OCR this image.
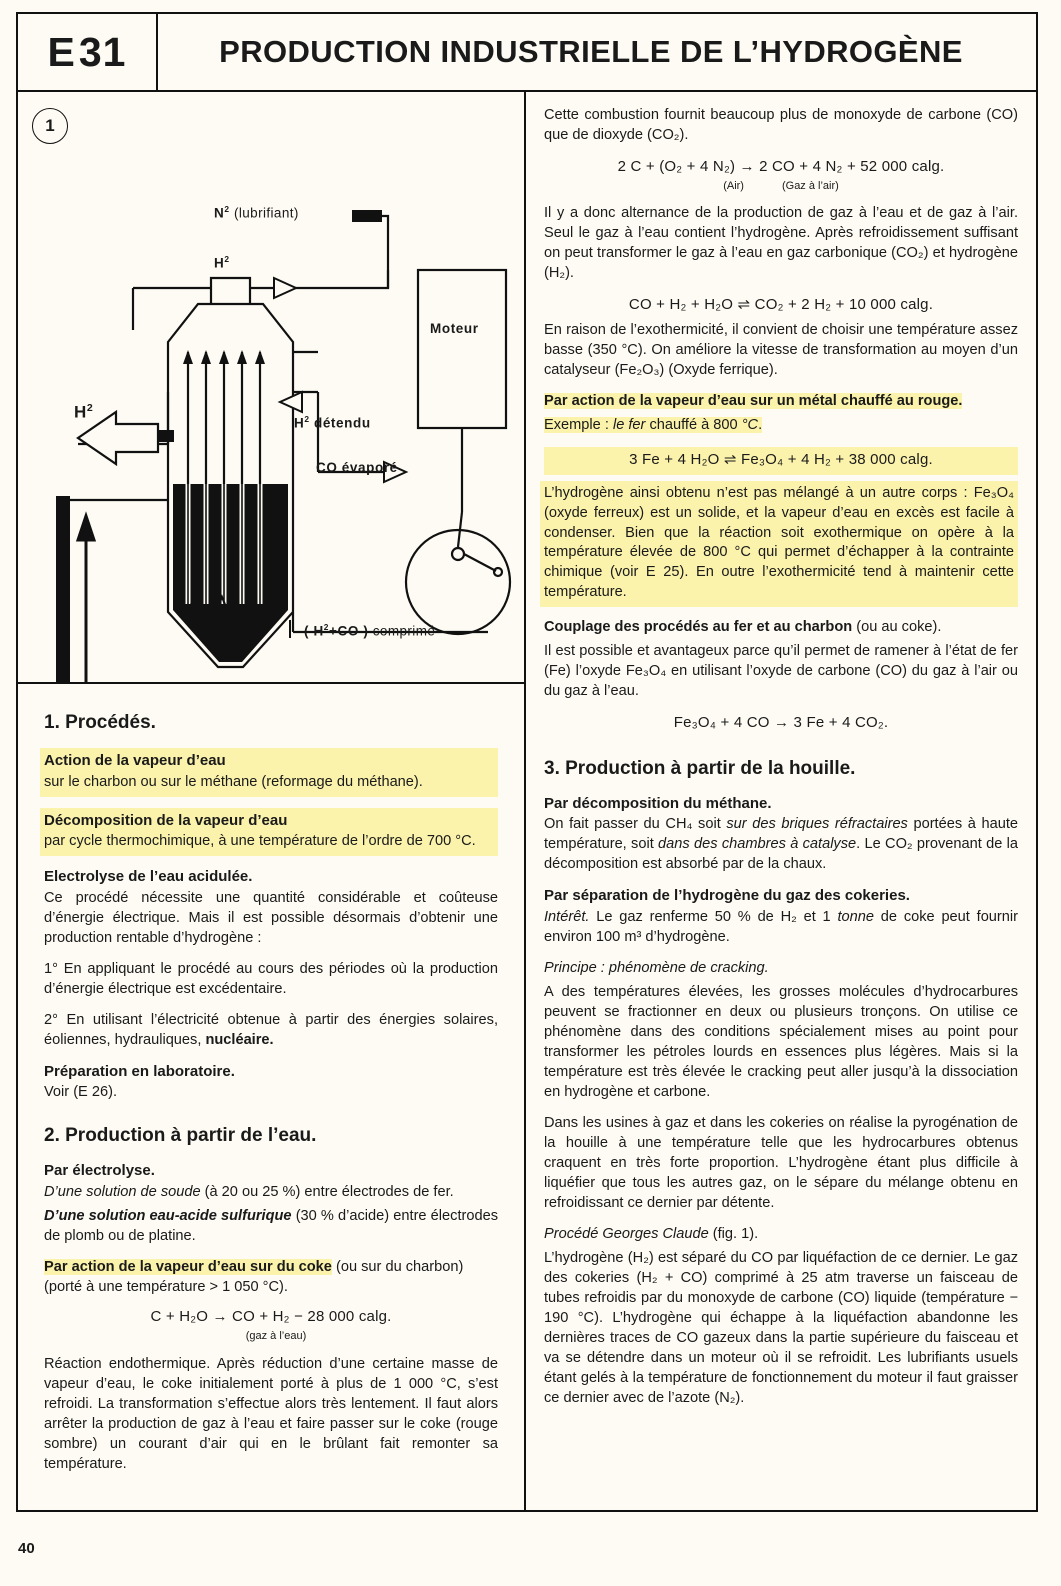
E 31	PRODUCTION INDUSTRIELLE DE L’HYDROGÈNE
1
$N^2$ (lubrifiant)
$H^2$
Moteur
$H^2$
$H^2$ détendu
CO évaporé
( $H^2+CO$ ) comprimé
1. Procédés.
Action de la vapeur d’eau
sur le charbon ou sur le méthane (reformage du méthane).
Décomposition de la vapeur d’eau
par cycle thermochimique, à une température de l’ordre de 700 °C.
Electrolyse de l’eau acidulée.

Ce procédé nécessite une quantité considérable et coûteuse d’énergie électrique. Mais il est possible désormais d’obtenir une production rentable d’hydrogène :

1° En appliquant le procédé au cours des périodes où la production d’énergie électrique est excédentaire.

2° En utilisant l’électricité obtenue à partir des énergies solaires, éoliennes, hydrauliques, nucléaire.

Préparation en laboratoire.

Voir (E 26).

2. Production à partir de l’eau.
Par électrolyse.

D’une solution de soude (à 20 ou 25 %) entre électrodes de fer.

D’une solution eau-acide sulfurique (30 % d’acide) entre électrodes de plomb ou de platine.

Par action de la vapeur d’eau sur du coke (ou sur du charbon)
(porté à une température > 1 050 °C).

C + H₂O → CO + H₂ − 28 000 calg.
(gaz à l’eau)

Réaction endothermique. Après réduction d’une certaine masse de vapeur d’eau, le coke initialement porté à plus de 1 000 °C, s’est refroidi. La transformation s’effectue alors très lentement. Il faut alors arrêter la production de gaz à l’eau et faire passer sur le coke (rouge sombre) un courant d’air qui en le brûlant fait remonter sa température.

Cette combustion fournit beaucoup plus de monoxyde de carbone (CO) que de dioxyde (CO₂).

2 C + (O₂ + 4 N₂) → 2 CO + 4 N₂ + 52 000 calg.
(Air)	(Gaz à l’air)

Il y a donc alternance de la production de gaz à l’eau et de gaz à l’air. Seul le gaz à l’eau contient l’hydrogène. Après refroidissement suffisant on peut transformer le gaz à l’eau en gaz carbonique (CO₂) et hydrogène (H₂).

CO + H₂ + H₂O ⇌ CO₂ + 2 H₂ + 10 000 calg.

En raison de l’exothermicité, il convient de choisir une température assez basse (350 °C). On améliore la vitesse de transformation au moyen d’un catalyseur (Fe₂O₃) (Oxyde ferrique).

Par action de la vapeur d’eau sur un métal chauffé au rouge.

Exemple : le fer chauffé à 800 °C.

3 Fe + 4 H₂O ⇌ Fe₃O₄ + 4 H₂ + 38 000 calg.
L’hydrogène ainsi obtenu n’est pas mélangé à un autre corps : Fe₃O₄ (oxyde ferreux) est un solide, et la vapeur d’eau en excès est facile à condenser. Bien que la réaction soit exothermique on opère à la température élevée de 800 °C qui permet d’échapper à la contrainte chimique (voir E 25). En outre l’exothermicité tend à maintenir cette température.

Couplage des procédés au fer et au charbon (ou au coke).

Il est possible et avantageux parce qu’il permet de ramener à l’état de fer (Fe) l’oxyde Fe₃O₄ en utilisant l’oxyde de carbone (CO) du gaz à l’air ou du gaz à l’eau.

Fe₃O₄ + 4 CO → 3 Fe + 4 CO₂.
3. Production à partir de la houille.
Par décomposition du méthane.

On fait passer du CH₄ soit sur des briques réfractaires portées à haute température, soit dans des chambres à catalyse. Le CO₂ provenant de la décomposition est absorbé par de la chaux.

Par séparation de l’hydrogène du gaz des cokeries.

Intérêt. Le gaz renferme 50 % de H₂ et 1 tonne de coke peut fournir environ 100 m³ d’hydrogène.

Principe : phénomène de cracking.

A des températures élevées, les grosses molécules d’hydrocarbures peuvent se fractionner en deux ou plusieurs tronçons. On utilise ce phénomène dans des conditions spécialement mises au point pour transformer les pétroles lourds en essences plus légères. Mais si la température est très élevée le cracking peut aller jusqu’à la dissociation en hydrogène et carbone.

Dans les usines à gaz et dans les cokeries on réalise la pyrogénation de la houille à une température telle que les hydrocarbures obtenus craquent en très forte proportion. L’hydrogène étant plus difficile à liquéfier que tous les autres gaz, on le sépare du mélange obtenu en refroidissant ce dernier par détente.

Procédé Georges Claude (fig. 1).

L’hydrogène (H₂) est séparé du CO par liquéfaction de ce dernier. Le gaz des cokeries (H₂ + CO) comprimé à 25 atm traverse un faisceau de tubes refroidis par du monoxyde de carbone (CO) liquide (température − 190 °C). L’hydrogène qui échappe à la liquéfaction abandonne les dernières traces de CO gazeux dans la partie supérieure du faisceau et va se détendre dans un moteur où il se refroidit. Les lubrifiants usuels étant gelés à la température de fonctionnement du moteur il faut graisser ce dernier avec de l’azote (N₂).

40
